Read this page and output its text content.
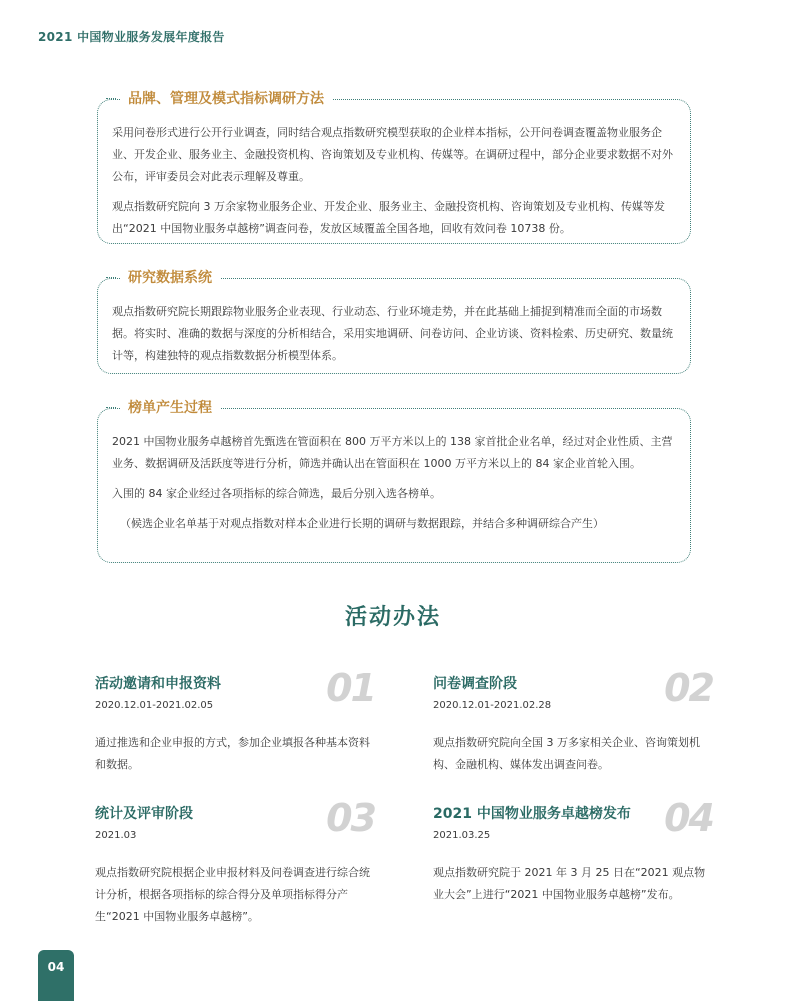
2021 中国物业服务发展年度报告
品牌、管理及模式指标调研方法

采用问卷形式进行公开行业调查，同时结合观点指数研究模型获取的企业样本指标，公开问卷调查覆盖物业服务企业、开发企业、服务业主、金融投资机构、咨询策划及专业机构、传媒等。在调研过程中，部分企业要求数据不对外公布，评审委员会对此表示理解及尊重。

观点指数研究院向 3 万余家物业服务企业、开发企业、服务业主、金融投资机构、咨询策划及专业机构、传媒等发出“2021 中国物业服务卓越榜”调查问卷，发放区域覆盖全国各地，回收有效问卷 10738 份。

研究数据系统

观点指数研究院长期跟踪物业服务企业表现、行业动态、行业环境走势，并在此基础上捕捉到精准而全面的市场数据。将实时、准确的数据与深度的分析相结合，采用实地调研、问卷访问、企业访谈、资料检索、历史研究、数量统计等，构建独特的观点指数数据分析模型体系。

榜单产生过程

2021 中国物业服务卓越榜首先甄选在管面积在 800 万平方米以上的 138 家首批企业名单，经过对企业性质、主营业务、数据调研及活跃度等进行分析，筛选并确认出在管面积在 1000 万平方米以上的 84 家企业首轮入围。

入围的 84 家企业经过各项指标的综合筛选，最后分别入选各榜单。

（候选企业名单基于对观点指数对样本企业进行长期的调研与数据跟踪，并结合多种调研综合产生）

活动办法
01
活动邀请和申报资料
2020.12.01-2021.02.05
通过推选和企业申报的方式，参加企业填报各种基本资料和数据。
02
问卷调查阶段
2020.12.01-2021.02.28
观点指数研究院向全国 3 万多家相关企业、咨询策划机构、金融机构、媒体发出调查问卷。
03
统计及评审阶段
2021.03
观点指数研究院根据企业申报材料及问卷调查进行综合统计分析，根据各项指标的综合得分及单项指标得分产生“2021 中国物业服务卓越榜”。
04
2021 中国物业服务卓越榜发布
2021.03.25
观点指数研究院于 2021 年 3 月 25 日在“2021 观点物业大会”上进行“2021 中国物业服务卓越榜”发布。
04
